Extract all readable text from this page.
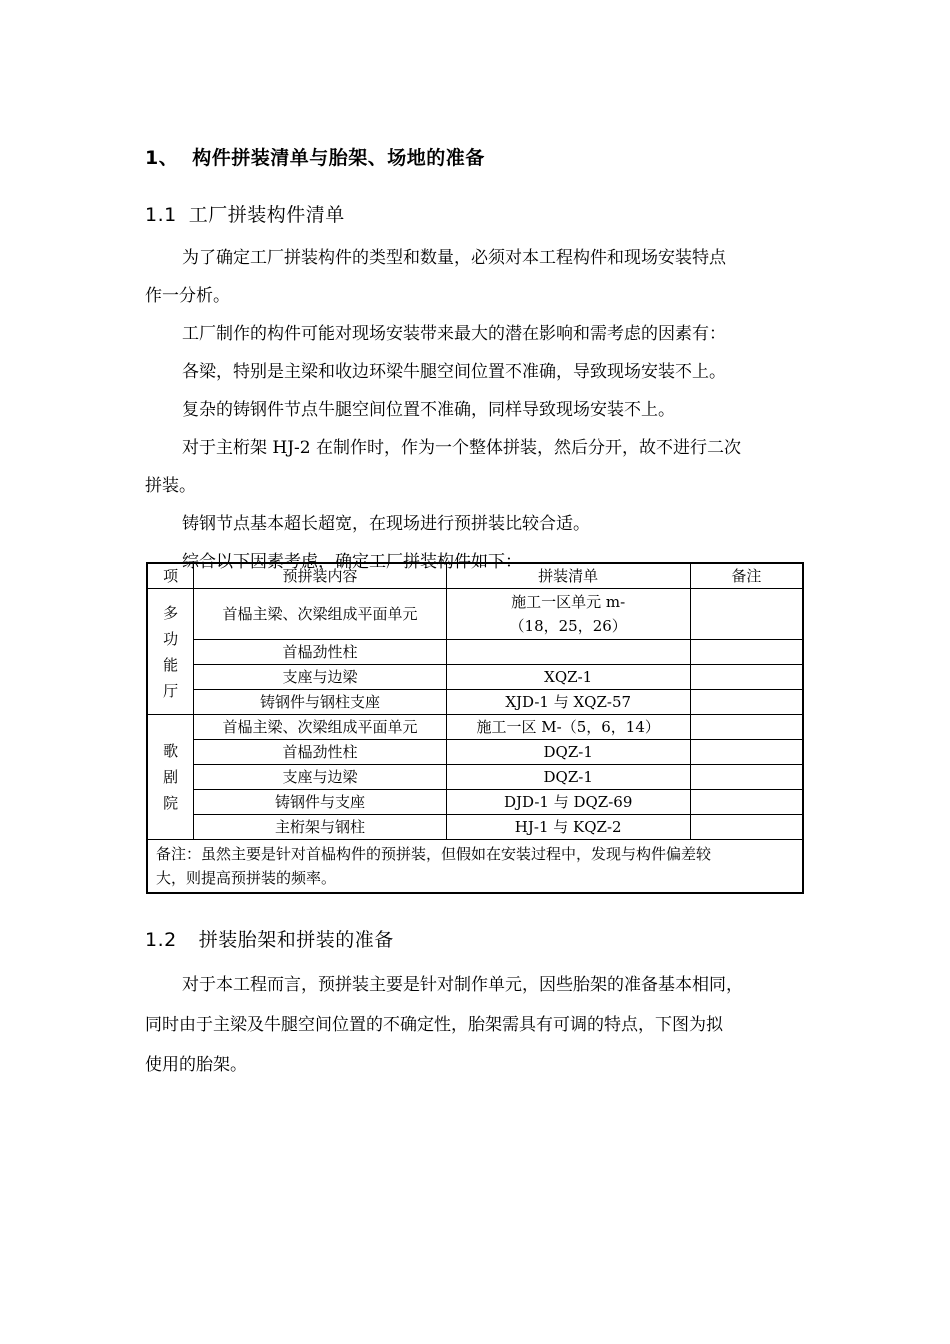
1、 构件拼装清单与胎架、场地的准备
1.1 工厂拼装构件清单
为了确定工厂拼装构件的类型和数量，必须对本工程构件和现场安装特点
作一分析。
工厂制作的构件可能对现场安装带来最大的潜在影响和需考虑的因素有：
各梁，特别是主梁和收边环梁牛腿空间位置不准确，导致现场安装不上。
复杂的铸钢件节点牛腿空间位置不准确，同样导致现场安装不上。
对于主桁架 HJ-2 在制作时，作为一个整体拼装，然后分开，故不进行二次
拼装。
铸钢节点基本超长超宽，在现场进行预拼装比较合适。
综合以下因素考虑，确定工厂拼装构件如下：
项	预拼装内容	拼装清单	备注

多
功
能
厅	首榀主梁、次梁组成平面单元	施工一区单元 m-
（18，25，26）	

	首榀劲性柱		
	支座与边梁	XQZ-1	
	铸钢件与钢柱支座	XJD-1 与 XQZ-57	

歌
剧
院	首榀主梁、次梁组成平面单元	施工一区 M-（5，6，14）	
	首榀劲性柱	DQZ-1	
	支座与边梁	DQZ-1	
	铸钢件与支座	DJD-1 与 DQZ-69	
	主桁架与钢柱	HJ-1 与 KQZ-2	

备注：虽然主要是针对首榀构件的预拼装，但假如在安装过程中，发现与构件偏差较
大，则提高预拼装的频率。			
1.2 拼装胎架和拼装的准备
对于本工程而言，预拼装主要是针对制作单元，因些胎架的准备基本相同，
同时由于主梁及牛腿空间位置的不确定性，胎架需具有可调的特点，下图为拟
使用的胎架。
